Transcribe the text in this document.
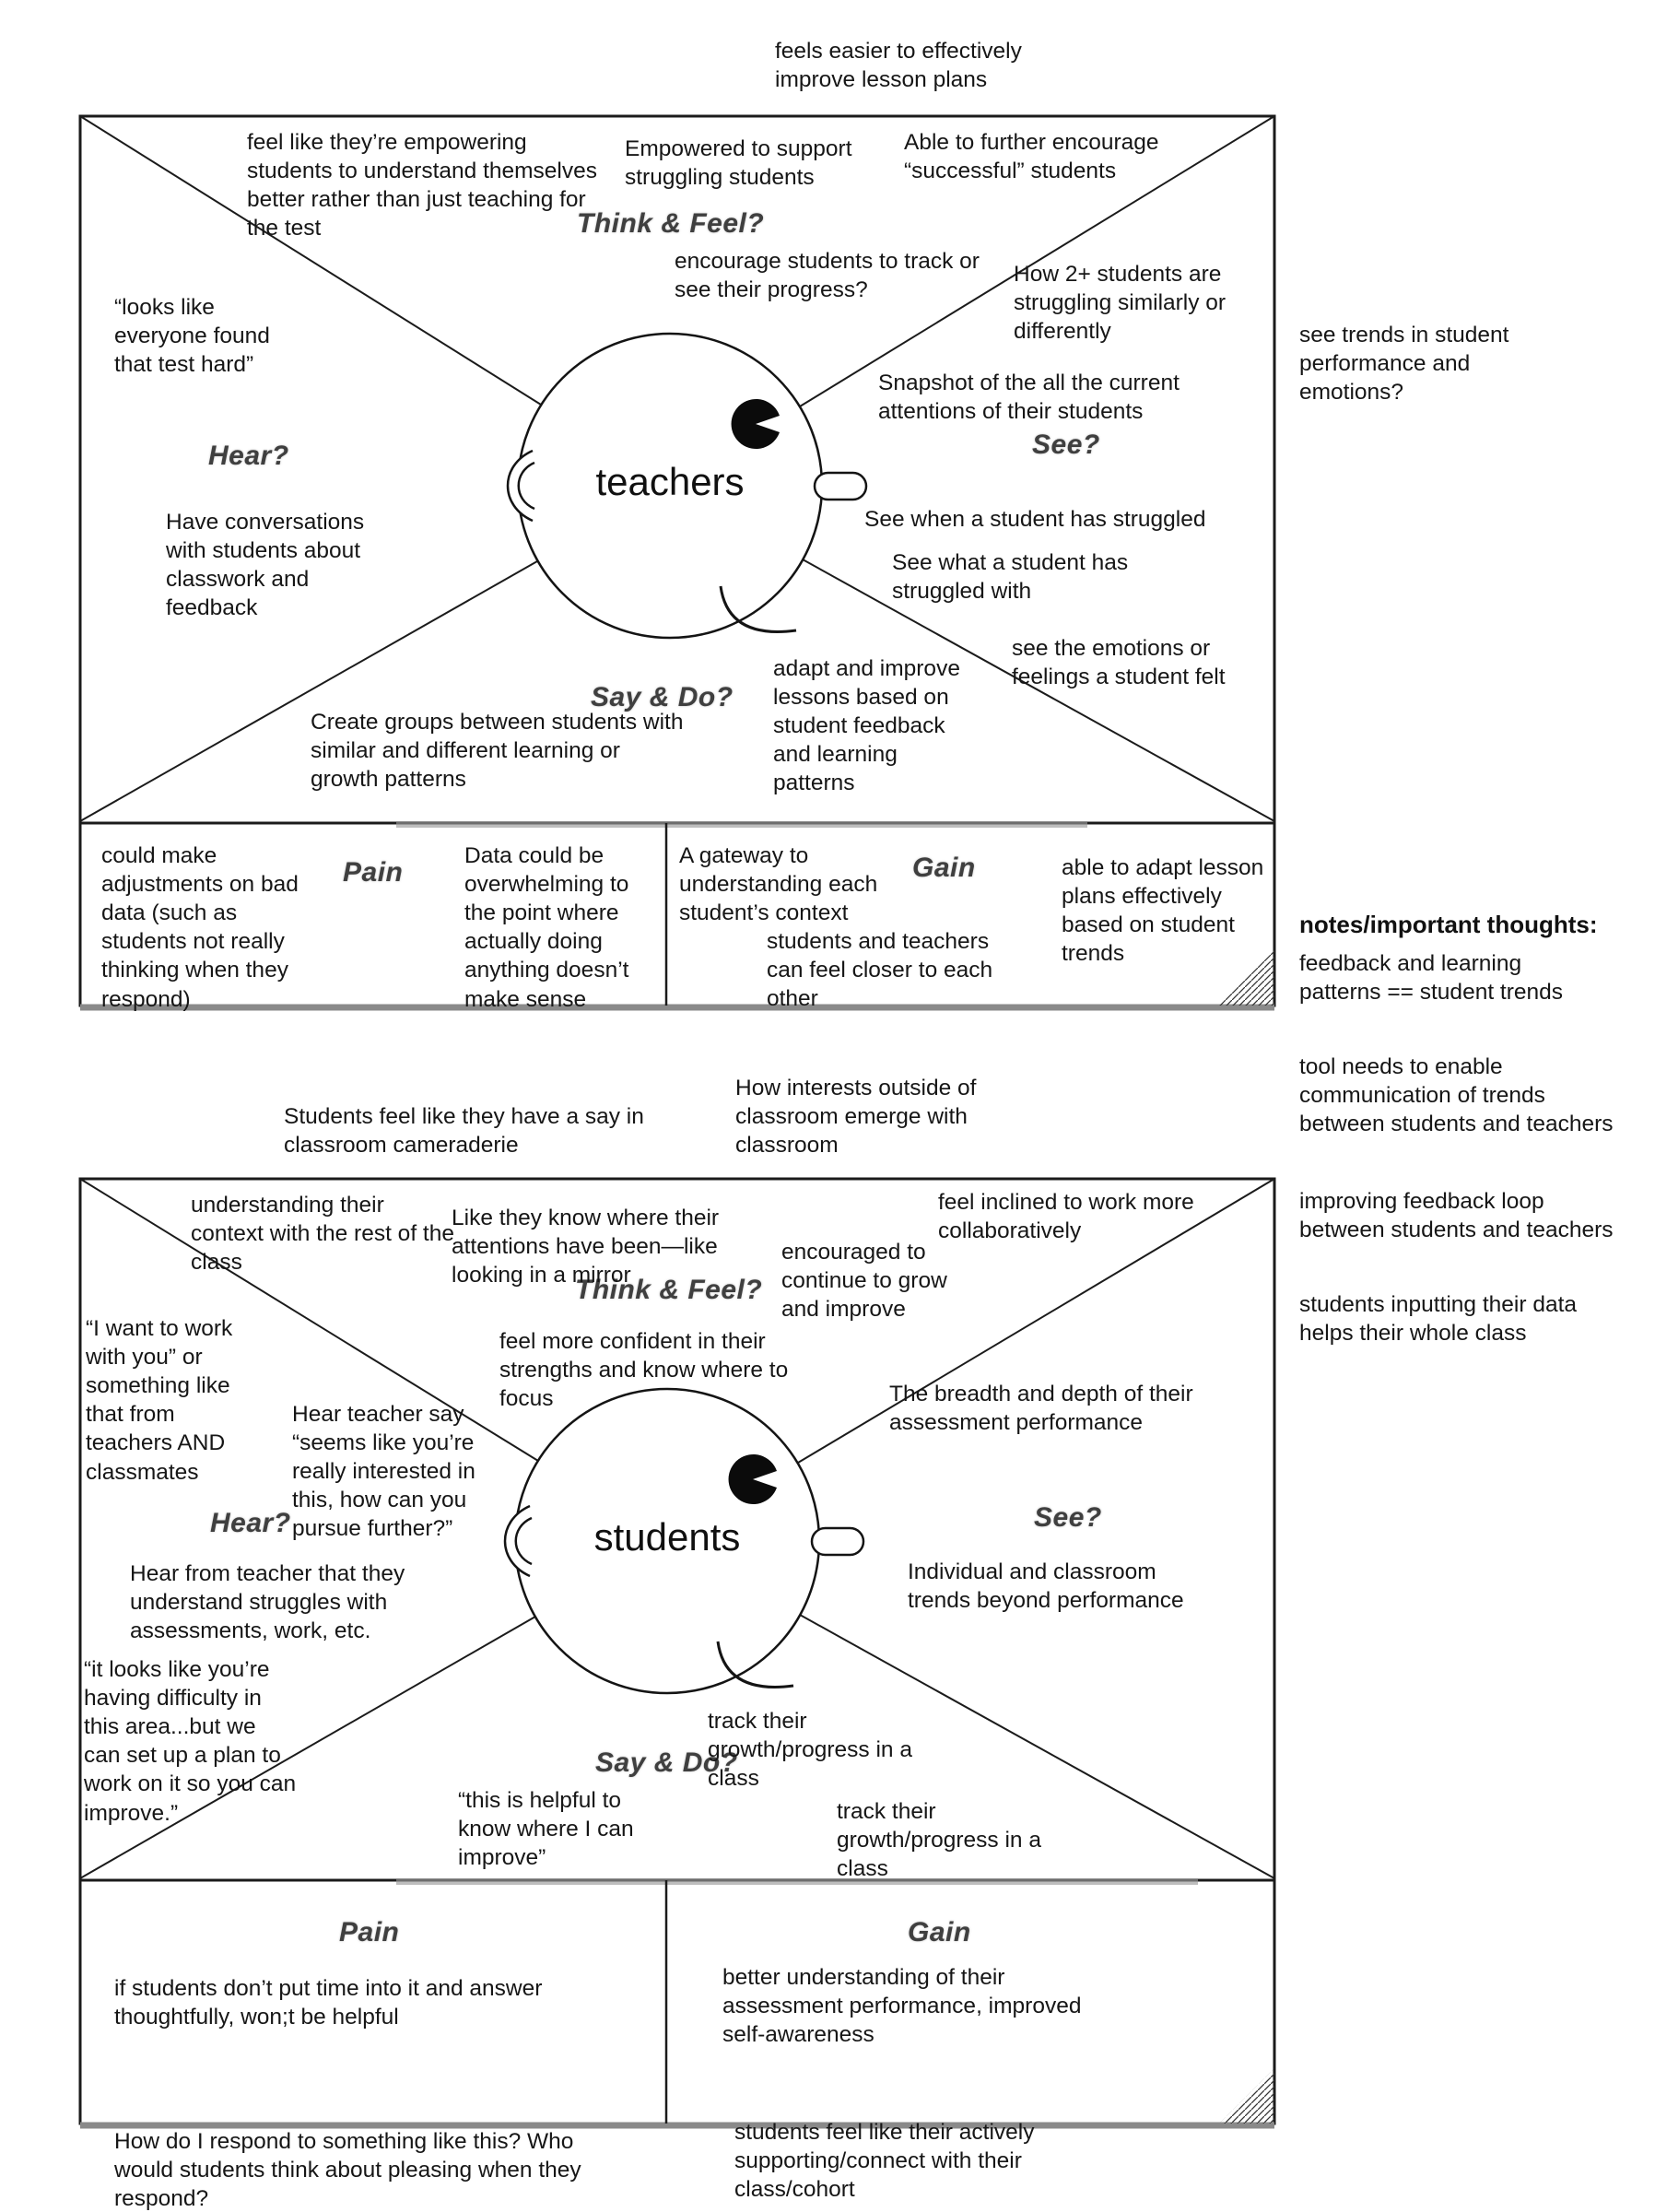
feels easier to effectively improve lesson plans
teachers
Think & Feel?
Hear?	See?
Say & Do?
Pain	Gain
feel like they’re empowering students to understand themselves better rather than just teaching for the test
Empowered to support struggling students
Able to further encourage “successful” students
encourage students to track or see their progress?
How 2+ students are struggling similarly or differently
Snapshot of the all the current attentions of their students
See when a student has struggled
See what a student has struggled with
see the emotions or feelings a student felt
“looks like everyone found that test hard”
Have conversations with students about classwork and feedback
Create groups between students with similar and different learning or growth patterns
adapt and improve lessons based on student feedback and learning patterns
could make adjustments on bad data (such as students not really thinking when they respond)
Data could be overwhelming to the point where actually doing anything doesn’t make sense
A gateway to understanding each student’s context
students and teachers can feel closer to each other
able to adapt lesson plans effectively based on student trends
see trends in student performance and emotions?
notes/important thoughts:
feedback and learning patterns == student trends
tool needs to enable communication of trends between students and teachers
improving feedback loop between students and teachers
students inputting their data helps their whole class
Students feel like they have a say in classroom cameraderie
How interests outside of classroom emerge with classroom
students
Think & Feel?
Hear?	See?
Say & Do?
Pain	Gain
understanding their context with the rest of the class
Like they know where their attentions have been—like looking in a mirror
feel inclined to work more collaboratively
encouraged to continue to grow and improve
feel more confident in their strengths and know where to focus	The breadth and depth of their assessment performance
Individual and classroom trends beyond performance
“I want to work with you” or something like that from teachers AND classmates
Hear teacher say “seems like you’re really interested in this, how can you pursue further?”
Hear from teacher that they understand struggles with assessments, work, etc.
“it looks like you’re having difficulty in this area...but we can set up a plan to work on it so you can improve.”
track their growth/progress in a class
“this is helpful to know where I can improve”
track their growth/progress in a class
if students don’t put time into it and answer thoughtfully, won;t be helpful
better understanding of their assessment performance, improved self-awareness
How do I respond to something like this? Who would students think about pleasing when they respond?
students feel like their actively supporting/connect with their class/cohort
